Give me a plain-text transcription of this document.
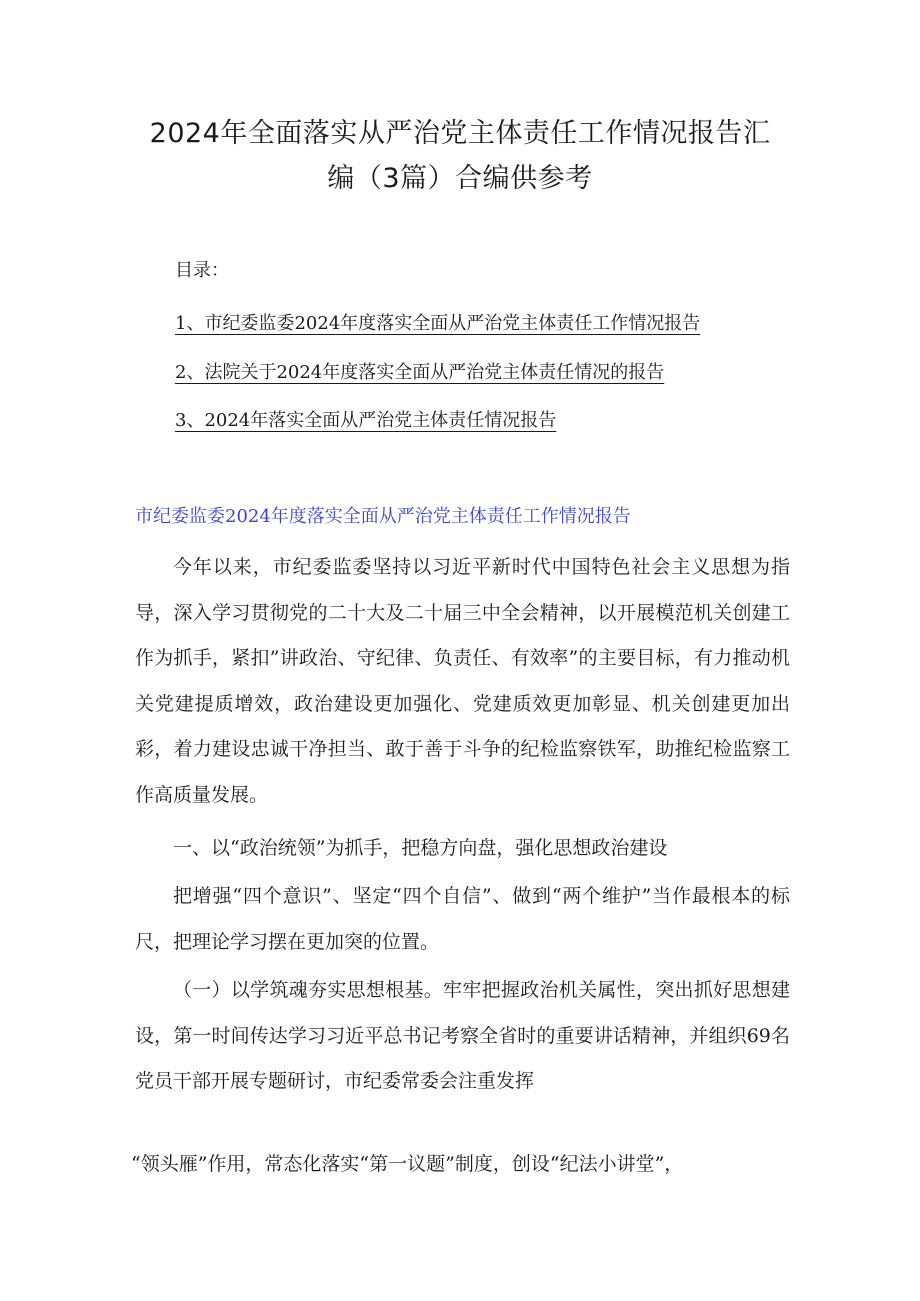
2024年全面落实从严治党主体责任工作情况报告汇
编（3篇）合编供参考
目录：
1、市纪委监委2024年度落实全面从严治党主体责任工作情况报告
2、法院关于2024年度落实全面从严治党主体责任情况的报告
3、2024年落实全面从严治党主体责任情况报告
市纪委监委2024年度落实全面从严治党主体责任工作情况报告

今年以来，市纪委监委坚持以习近平新时代中国特色社会主义思想为指导，深入学习贯彻党的二十大及二十届三中全会精神，以开展模范机关创建工作为抓手，紧扣”讲政治、守纪律、负责任、有效率”的主要目标，有力推动机关党建提质增效，政治建设更加强化、党建质效更加彰显、机关创建更加出彩，着力建设忠诚干净担当、敢于善于斗争的纪检监察铁军，助推纪检监察工作高质量发展。

一、以“政治统领”为抓手，把稳方向盘，强化思想政治建设

把增强“四个意识”、坚定“四个自信”、做到“两个维护”当作最根本的标尺，把理论学习摆在更加突的位置。

（一）以学筑魂夯实思想根基。牢牢把握政治机关属性，突出抓好思想建设，第一时间传达学习习近平总书记考察全省时的重要讲话精神，并组织69名党员干部开展专题研讨，市纪委常委会注重发挥

“领头雁”作用，常态化落实“第一议题”制度，创设“纪法小讲堂”，
